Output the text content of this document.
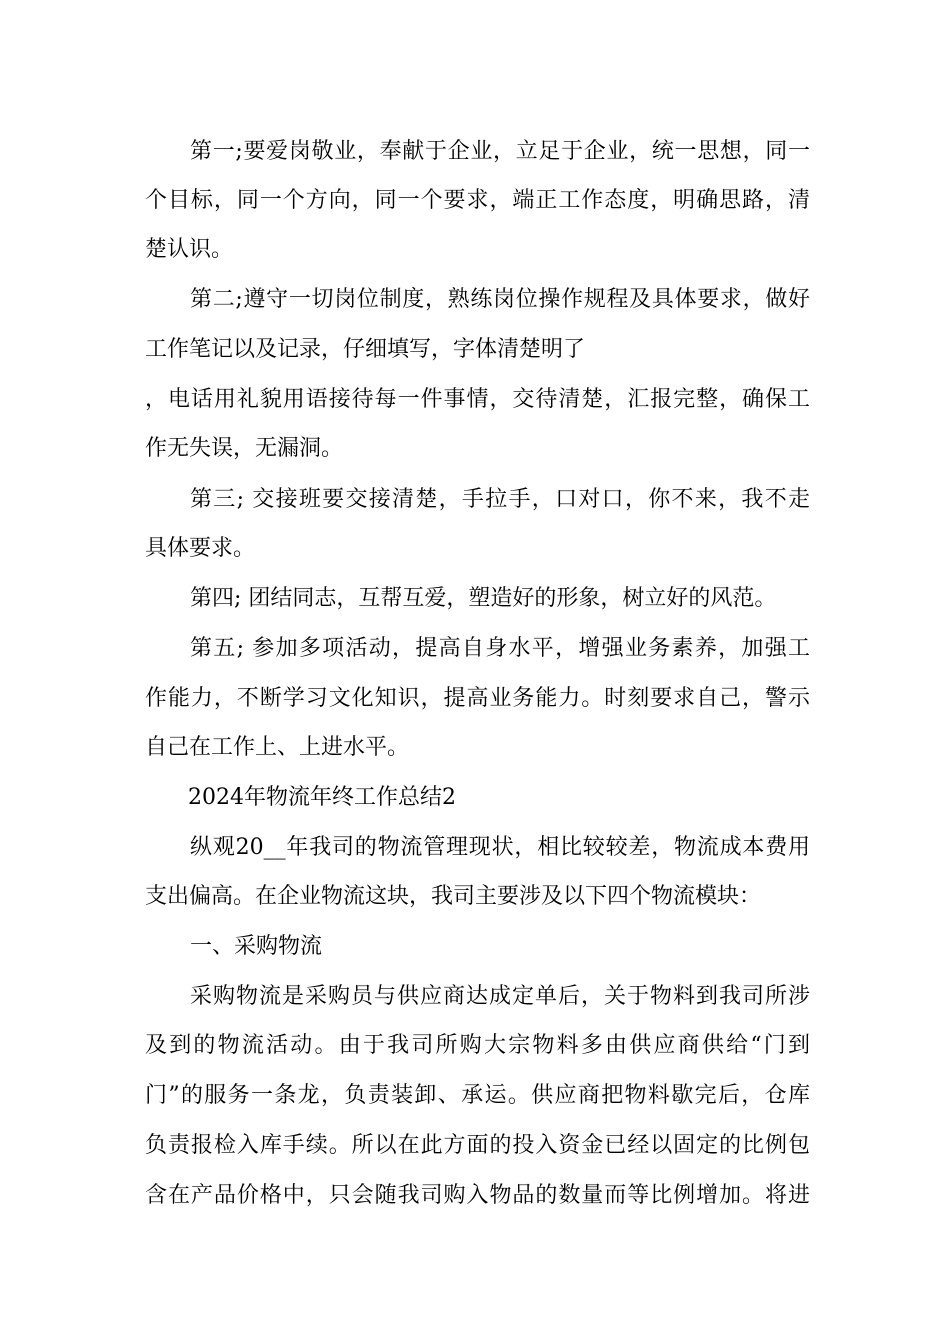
第一;要爱岗敬业，奉献于企业，立足于企业，统一思想，同一
个目标，同一个方向，同一个要求，端正工作态度，明确思路，清
楚认识。
第二;遵守一切岗位制度，熟练岗位操作规程及具体要求，做好
工作笔记以及记录，仔细填写，字体清楚明了
，电话用礼貌用语接待每一件事情，交待清楚，汇报完整，确保工
作无失误，无漏洞。
第三; 交接班要交接清楚，手拉手，口对口，你不来，我不走
具体要求。
第四; 团结同志，互帮互爱，塑造好的形象，树立好的风范。
第五; 参加多项活动，提高自身水平，增强业务素养，加强工
作能力，不断学习文化知识，提高业务能力。时刻要求自己，警示
自己在工作上、上进水平。
2024年物流年终工作总结2
纵观20__年我司的物流管理现状，相比较较差，物流成本费用
支出偏高。在企业物流这块，我司主要涉及以下四个物流模块：
一、采购物流
采购物流是采购员与供应商达成定单后，关于物料到我司所涉
及到的物流活动。由于我司所购大宗物料多由供应商供给“门到
门”的服务一条龙，负责装卸、承运。供应商把物料歇完后，仓库
负责报检入库手续。所以在此方面的投入资金已经以固定的比例包
含在产品价格中，只会随我司购入物品的数量而等比例增加。将进
